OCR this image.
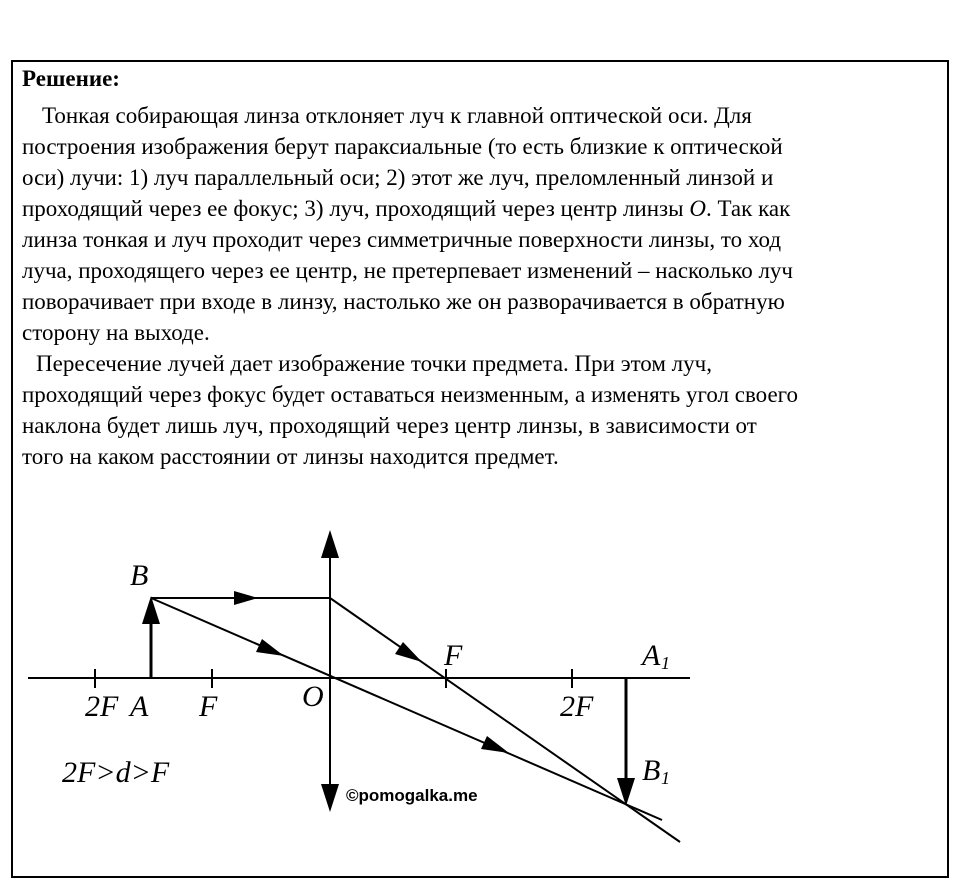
Решение:
Тонкая собирающая линза отклоняет луч к главной оптической оси. Для
построения изображения берут параксиальные (то есть близкие к оптической
оси) лучи: 1) луч параллельный оси; 2) этот же луч, преломленный линзой и
проходящий через ее фокус; 3) луч, проходящий через центр линзы O. Так как
линза тонкая и луч проходит через симметричные поверхности линзы, то ход
луча, проходящего через ее центр, не претерпевает изменений – насколько луч
поворачивает при входе в линзу, настолько же он разворачивается в обратную
сторону на выходе.
Пересечение лучей дает изображение точки предмета. При этом луч,
проходящий через фокус будет оставаться неизменным, а изменять угол своего
наклона будет лишь луч, проходящий через центр линзы, в зависимости от
того на каком расстоянии от линзы находится предмет.
B
2F A F	O
F
2F
A 1
B 1
2F>d>F
©pomogalka.me
